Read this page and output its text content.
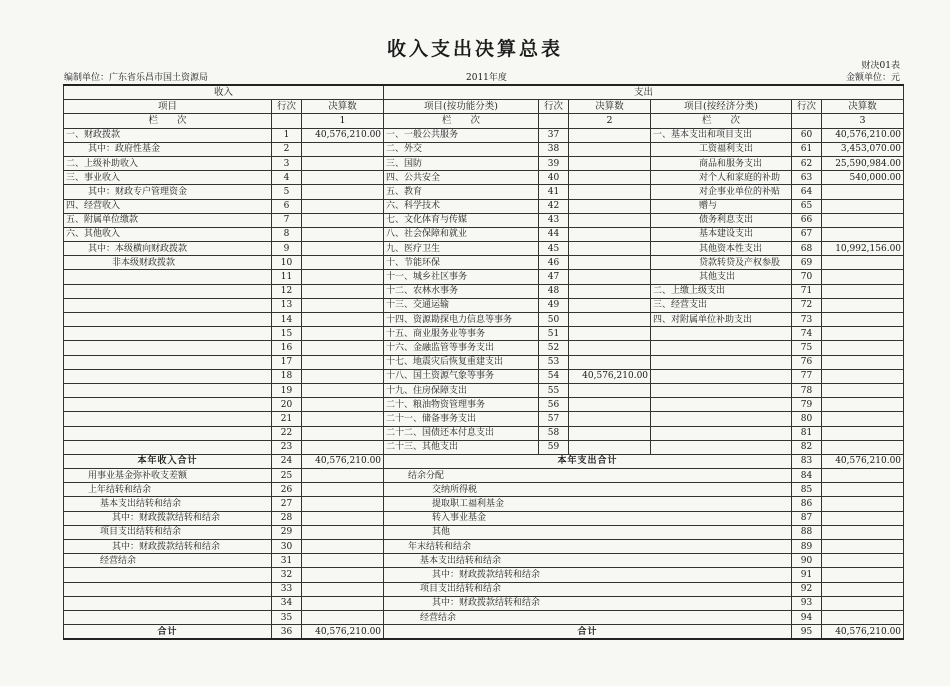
收入支出决算总表
编制单位：广东省乐昌市国土资源局	2011年度
财决01表
金额单位：元
收入			支出					
项目	行次	决算数	项目(按功能分类)	行次	决算数	项目(按经济分类)	行次	决算数
栏　　次		1	栏　　次		2	栏　　次		3
一、财政拨款	1	40,576,210.00	一、一般公共服务	37		一、基本支出和项目支出	60	40,576,210.00
其中：政府性基金	2		二、外交	38		工资福利支出	61	3,453,070.00
二、上级补助收入	3		三、国防	39		商品和服务支出	62	25,590,984.00
三、事业收入	4		四、公共安全	40		对个人和家庭的补助	63	540,000.00
其中：财政专户管理资金	5		五、教育	41		对企事业单位的补贴	64	
四、经营收入	6		六、科学技术	42		赠与	65	
五、附属单位缴款	7		七、文化体育与传媒	43		债务利息支出	66	
六、其他收入	8		八、社会保障和就业	44		基本建设支出	67	
其中：本级横向财政拨款	9		九、医疗卫生	45		其他资本性支出	68	10,992,156.00
非本级财政拨款	10		十、节能环保	46		贷款转贷及产权参股	69	
	11		十一、城乡社区事务	47		其他支出	70	
	12		十二、农林水事务	48		二、上缴上级支出	71	
	13		十三、交通运输	49		三、经营支出	72	
	14		十四、资源勘探电力信息等事务	50		四、对附属单位补助支出	73	
	15		十五、商业服务业等事务	51			74	
	16		十六、金融监管等事务支出	52			75	
	17		十七、地震灾后恢复重建支出	53			76	
	18		十八、国土资源气象等事务	54	40,576,210.00		77	
	19		十九、住房保障支出	55			78	
	20		二十、粮油物资管理事务	56			79	
	21		二十一、储备事务支出	57			80	
	22		二十二、国债还本付息支出	58			81	
	23		二十三、其他支出	59			82	
本年收入合计	24	40,576,210.00	本年支出合计				83	40,576,210.00
用事业基金弥补收支差额	25		结余分配				84	
上年结转和结余	26		交纳所得税				85	
基本支出结转和结余	27		提取职工福利基金				86	
其中：财政拨款结转和结余	28		转入事业基金				87	
项目支出结转和结余	29		其他				88	
其中：财政拨款结转和结余	30		年末结转和结余				89	
经营结余	31		基本支出结转和结余				90	
	32		其中：财政拨款结转和结余				91	
	33		项目支出结转和结余				92	
	34		其中：财政拨款结转和结余				93	
	35		经营结余				94	
合计	36	40,576,210.00	合计				95	40,576,210.00
